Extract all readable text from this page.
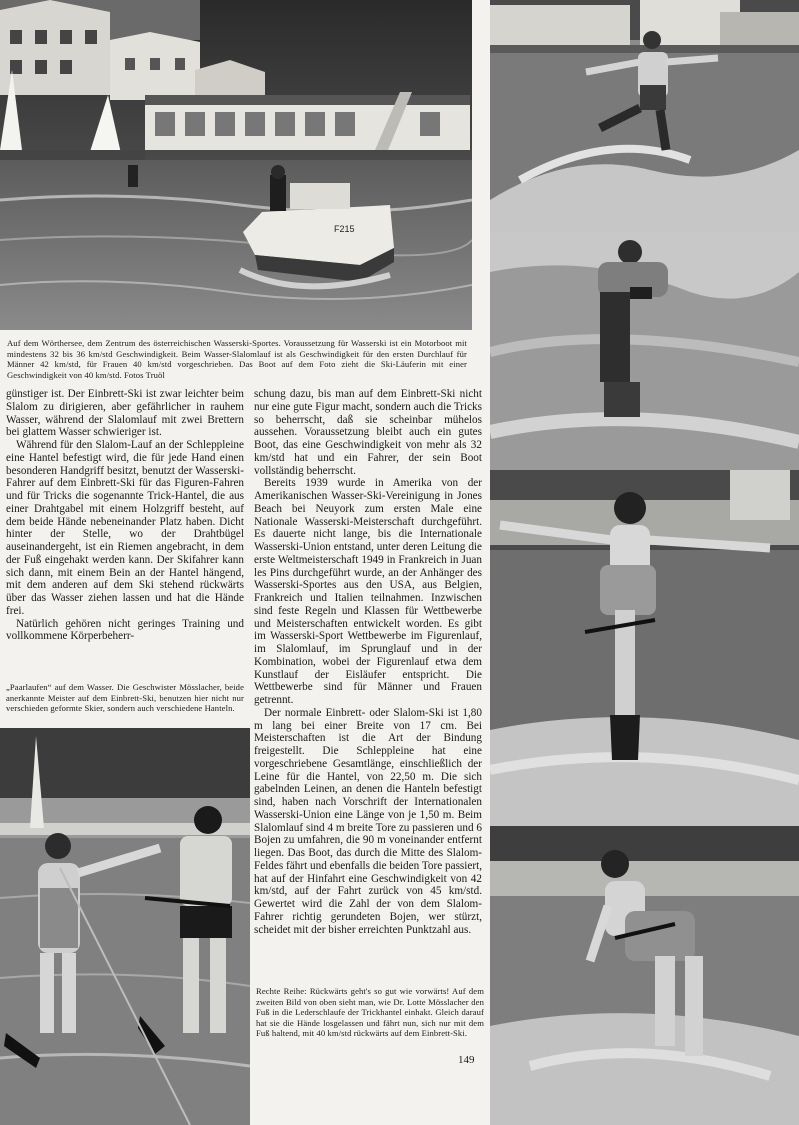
F215
Auf dem Wörthersee, dem Zentrum des österreichischen Wasserski-Sportes. Voraussetzung für Wasserski ist ein Motorboot mit mindestens 32 bis 36 km/std Geschwindigkeit. Beim Wasser-Slalomlauf ist als Geschwindigkeit für den ersten Durchlauf für Männer 42 km/std, für Frauen 40 km/std vorgeschrieben. Das Boot auf dem Foto zieht die Ski-Läuferin mit einer Geschwindigkeit von 40 km/std. Fotos Truöl

günstiger ist. Der Einbrett-Ski ist zwar leichter beim Slalom zu dirigieren, aber gefährlicher in rauhem Wasser, während der Slalomlauf mit zwei Brettern bei glattem Wasser schwieriger ist.

Während für den Slalom-Lauf an der Schleppleine eine Hantel befestigt wird, die für jede Hand einen besonderen Handgriff besitzt, benutzt der Wasserski-Fahrer auf dem Einbrett-Ski für das Figuren-Fahren und für Tricks die sogenannte Trick-Hantel, die aus einer Drahtgabel mit einem Holzgriff besteht, auf dem beide Hände nebeneinander Platz haben. Dicht hinter der Stelle, wo der Drahtbügel auseinandergeht, ist ein Riemen angebracht, in dem der Fuß eingehakt werden kann. Der Skifahrer kann sich dann, mit einem Bein an der Hantel hängend, mit dem anderen auf dem Ski stehend rückwärts über das Wasser ziehen lassen und hat die Hände frei.

Natürlich gehören nicht geringes Training und vollkommene Körperbeherr-

schung dazu, bis man auf dem Einbrett-Ski nicht nur eine gute Figur macht, sondern auch die Tricks so beherrscht, daß sie scheinbar mühelos aussehen. Voraussetzung bleibt auch ein gutes Boot, das eine Geschwindigkeit von mehr als 32 km/std hat und ein Fahrer, der sein Boot vollständig beherrscht.

Bereits 1939 wurde in Amerika von der Amerikanischen Wasser-Ski-Vereinigung in Jones Beach bei Neuyork zum ersten Male eine Nationale Wasserski-Meisterschaft durchgeführt. Es dauerte nicht lange, bis die Internationale Wasserski-Union entstand, unter deren Leitung die erste Weltmeisterschaft 1949 in Frankreich in Juan les Pins durchgeführt wurde, an der Anhänger des Wasserski-Sportes aus den USA, aus Belgien, Frankreich und Italien teilnahmen. Inzwischen sind feste Regeln und Klassen für Wettbewerbe und Meisterschaften entwickelt worden. Es gibt im Wasserski-Sport Wettbewerbe im Figurenlauf, im Slalomlauf, im Sprunglauf und in der Kombination, wobei der Figurenlauf etwa dem Kunstlauf der Eisläufer entspricht. Die Wettbewerbe sind für Männer und Frauen getrennt.

Der normale Einbrett- oder Slalom-Ski ist 1,80 m lang bei einer Breite von 17 cm. Bei Meisterschaften ist die Art der Bindung freigestellt. Die Schleppleine hat eine vorgeschriebene Gesamtlänge, einschließlich der Leine für die Hantel, von 22,50 m. Die sich gabelnden Leinen, an denen die Hanteln befestigt sind, haben nach Vorschrift der Internationalen Wasserski-Union eine Länge von je 1,50 m. Beim Slalomlauf sind 4 m breite Tore zu passieren und 6 Bojen zu umfahren, die 90 m voneinander entfernt liegen. Das Boot, das durch die Mitte des Slalom-Feldes fährt und ebenfalls die beiden Tore passiert, hat auf der Hinfahrt eine Geschwindigkeit von 42 km/std, auf der Fahrt zurück von 45 km/std. Gewertet wird die Zahl der von dem Slalom-Fahrer richtig gerundeten Bojen, wer stürzt, scheidet mit der bisher erreichten Punktzahl aus.

„Paarlaufen“ auf dem Wasser. Die Geschwister Mösslacher, beide anerkannte Meister auf dem Einbrett-Ski, benutzen hier nicht nur verschieden geformte Skier, sondern auch verschiedene Hanteln.
Rechte Reihe: Rückwärts geht's so gut wie vorwärts! Auf dem zweiten Bild von oben sieht man, wie Dr. Lotte Mösslacher den Fuß in die Lederschlaufe der Trickhantel einhakt. Gleich darauf hat sie die Hände losgelassen und fährt nun, sich nur mit dem Fuß haltend, mit 40 km/std rückwärts auf dem Einbrett-Ski.
149
